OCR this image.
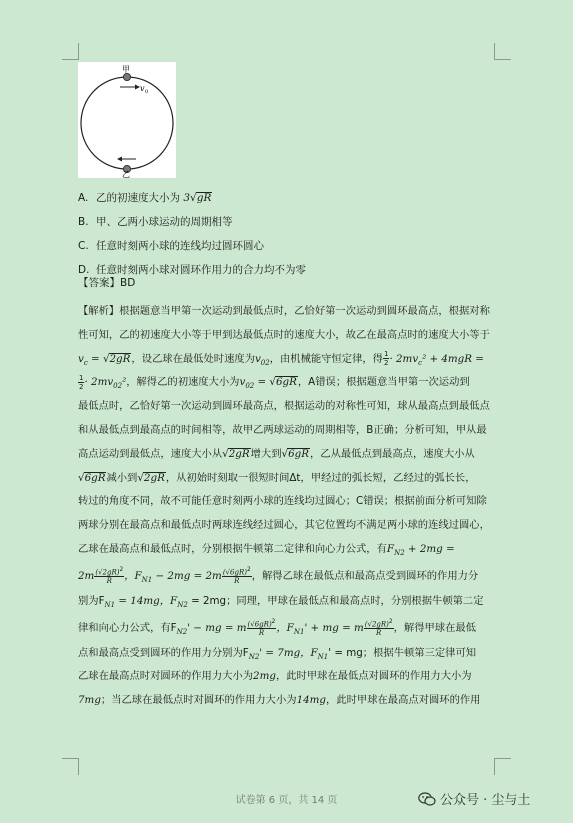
甲
乙
v 0
A. 乙的初速度大小为 3√gR
B. 甲、乙两小球运动的周期相等
C. 任意时刻两小球的连线均过圆环圆心
D. 任意时刻两小球对圆环作用力的合力均不为零
【答案】BD
【解析】根据题意当甲第一次运动到最低点时，乙恰好第一次运动到圆环最高点，根据对称
性可知，乙的初速度大小等于甲到达最低点时的速度大小，故乙在最高点时的速度大小等于
$v_c = √2gR$，设乙球在最低处时速度为$v_{02}$，由机械能守恒定律，得 $\frac{1}{2} \cdot 2mv_c^2 + 4mgR$ =
$\frac{1}{2} \cdot 2mv_{02}^2$，解得乙的初速度大小为$v_{02} = √6gR$，A错误；根据题意当甲第一次运动到
最低点时，乙恰好第一次运动到圆环最高点，根据运动的对称性可知，球从最高点到最低点
和从最低点到最高点的时间相等，故甲乙两球运动的周期相等，B正确；分析可知，甲从最
高点运动到最低点，速度大小从√2gR增大到√6gR，乙从最低点到最高点，速度大小从
√6gR减小到√2gR，从初始时刻取一很短时间Δt，甲经过的弧长短，乙经过的弧长长，
转过的角度不同，故不可能任意时刻两小球的连线均过圆心；C错误；根据前面分析可知除
两球分别在最高点和最低点时两球连线经过圆心，其它位置均不满足两小球的连线过圆心，
乙球在最高点和最低点时，分别根据牛顿第二定律和向心力公式，有$F_{N2} + 2mg$ =
$2m \frac{(√2gR)^2}{R}$ ，$F_{N1} - 2mg = 2m \frac{(√6gR)^2}{R}$ ，解得乙球在最低点和最高点受到圆环的作用力分
别为$F_{N1} = 14mg$，$F_{N2} = 2mg$；同理，甲球在最低点和最高点时，分别根据牛顿第二定
律和向心力公式，有$F_{N2}'$ − mg = m $\frac{(√6gR)^2}{R}$ ，$F_{N1}'$ + mg = m $\frac{(√2gR)^2}{R}$ ，解得甲球在最低
点和最高点受到圆环的作用力分别为$F_{N2}' = 7mg$，$F_{N1}'$ = mg；根据牛顿第三定律可知
乙球在最高点时对圆环的作用力大小为2mg，此时甲球在最低点对圆环的作用力大小为
7mg；当乙球在最低点时对圆环的作用力大小为14mg，此时甲球在最高点对圆环的作用
试卷第 6 页，共 14 页	公众号 · 尘与土
